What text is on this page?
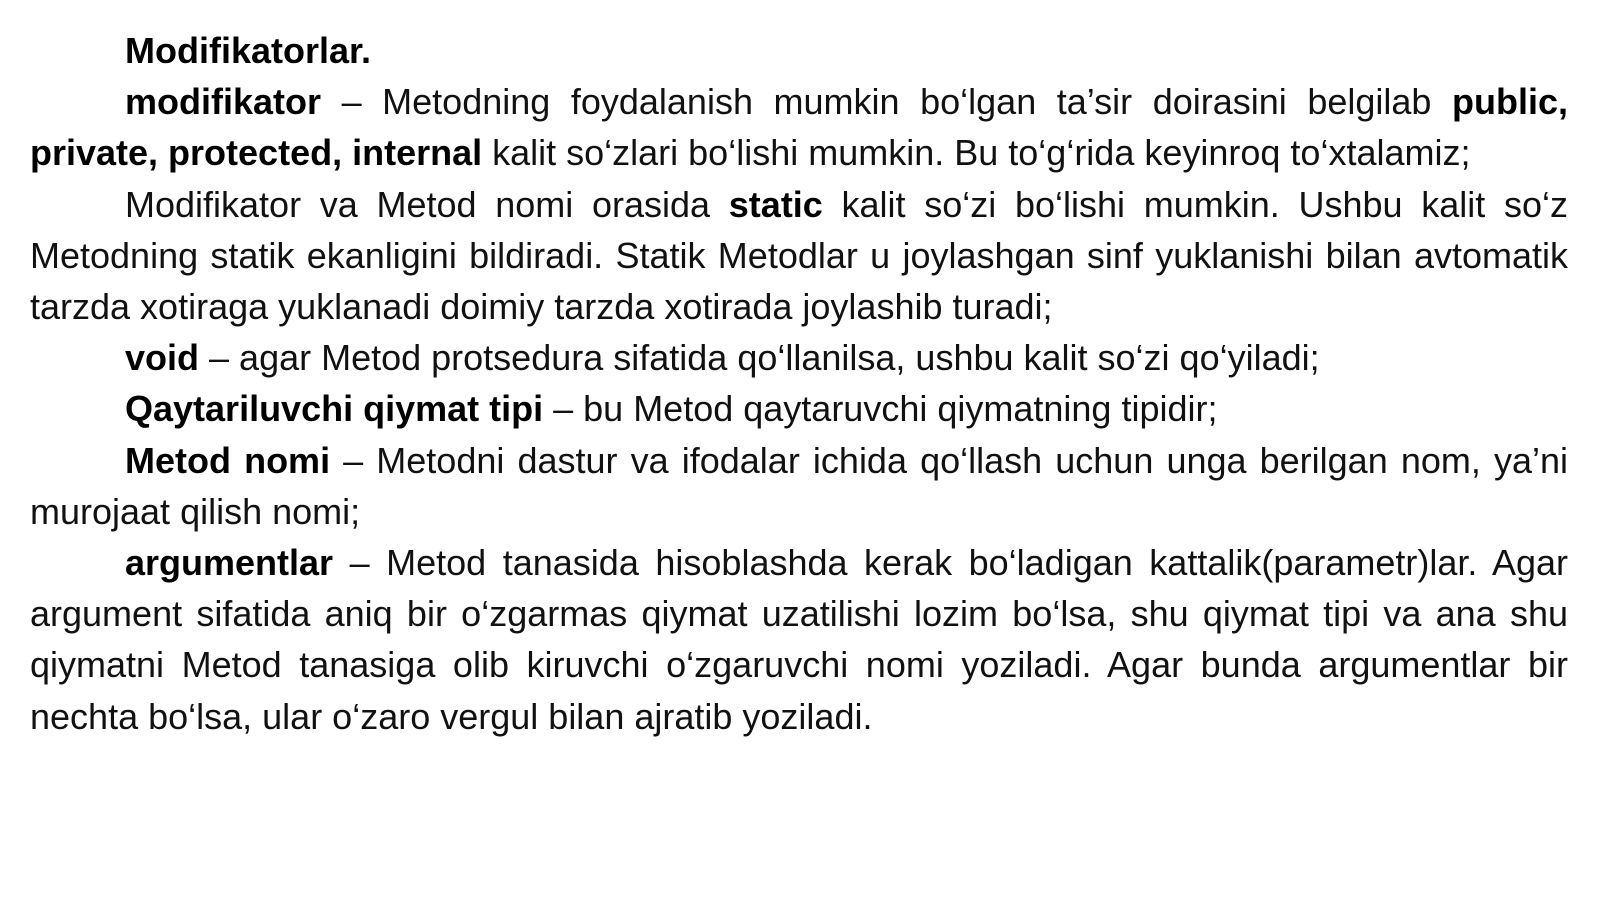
Modifikatorlar.

modifikator – Metodning foydalanish mumkin bo‘lgan ta’sir doirasini belgilab public, private, protected, internal kalit so‘zlari bo‘lishi mumkin. Bu to‘g‘rida keyinroq to‘xtalamiz;

Modifikator va Metod nomi orasida static kalit so‘zi bo‘lishi mumkin. Ushbu kalit so‘z Metodning statik ekanligini bildiradi. Statik Metodlar u joylashgan sinf yuklanishi bilan avtomatik tarzda xotiraga yuklanadi doimiy tarzda xotirada joylashib turadi;

void – agar Metod protsedura sifatida qo‘llanilsa, ushbu kalit so‘zi qo‘yiladi;

Qaytariluvchi qiymat tipi – bu Metod qaytaruvchi qiymatning tipidir;

Metod nomi – Metodni dastur va ifodalar ichida qo‘llash uchun unga berilgan nom, ya’ni murojaat qilish nomi;

argumentlar – Metod tanasida hisoblashda kerak bo‘ladigan kattalik(parametr)lar. Agar argument sifatida aniq bir o‘zgarmas qiymat uzatilishi lozim bo‘lsa, shu qiymat tipi va ana shu qiymatni Metod tanasiga olib kiruvchi o‘zgaruvchi nomi yoziladi. Agar bunda argumentlar bir nechta bo‘lsa, ular o‘zaro vergul bilan ajratib yoziladi.
